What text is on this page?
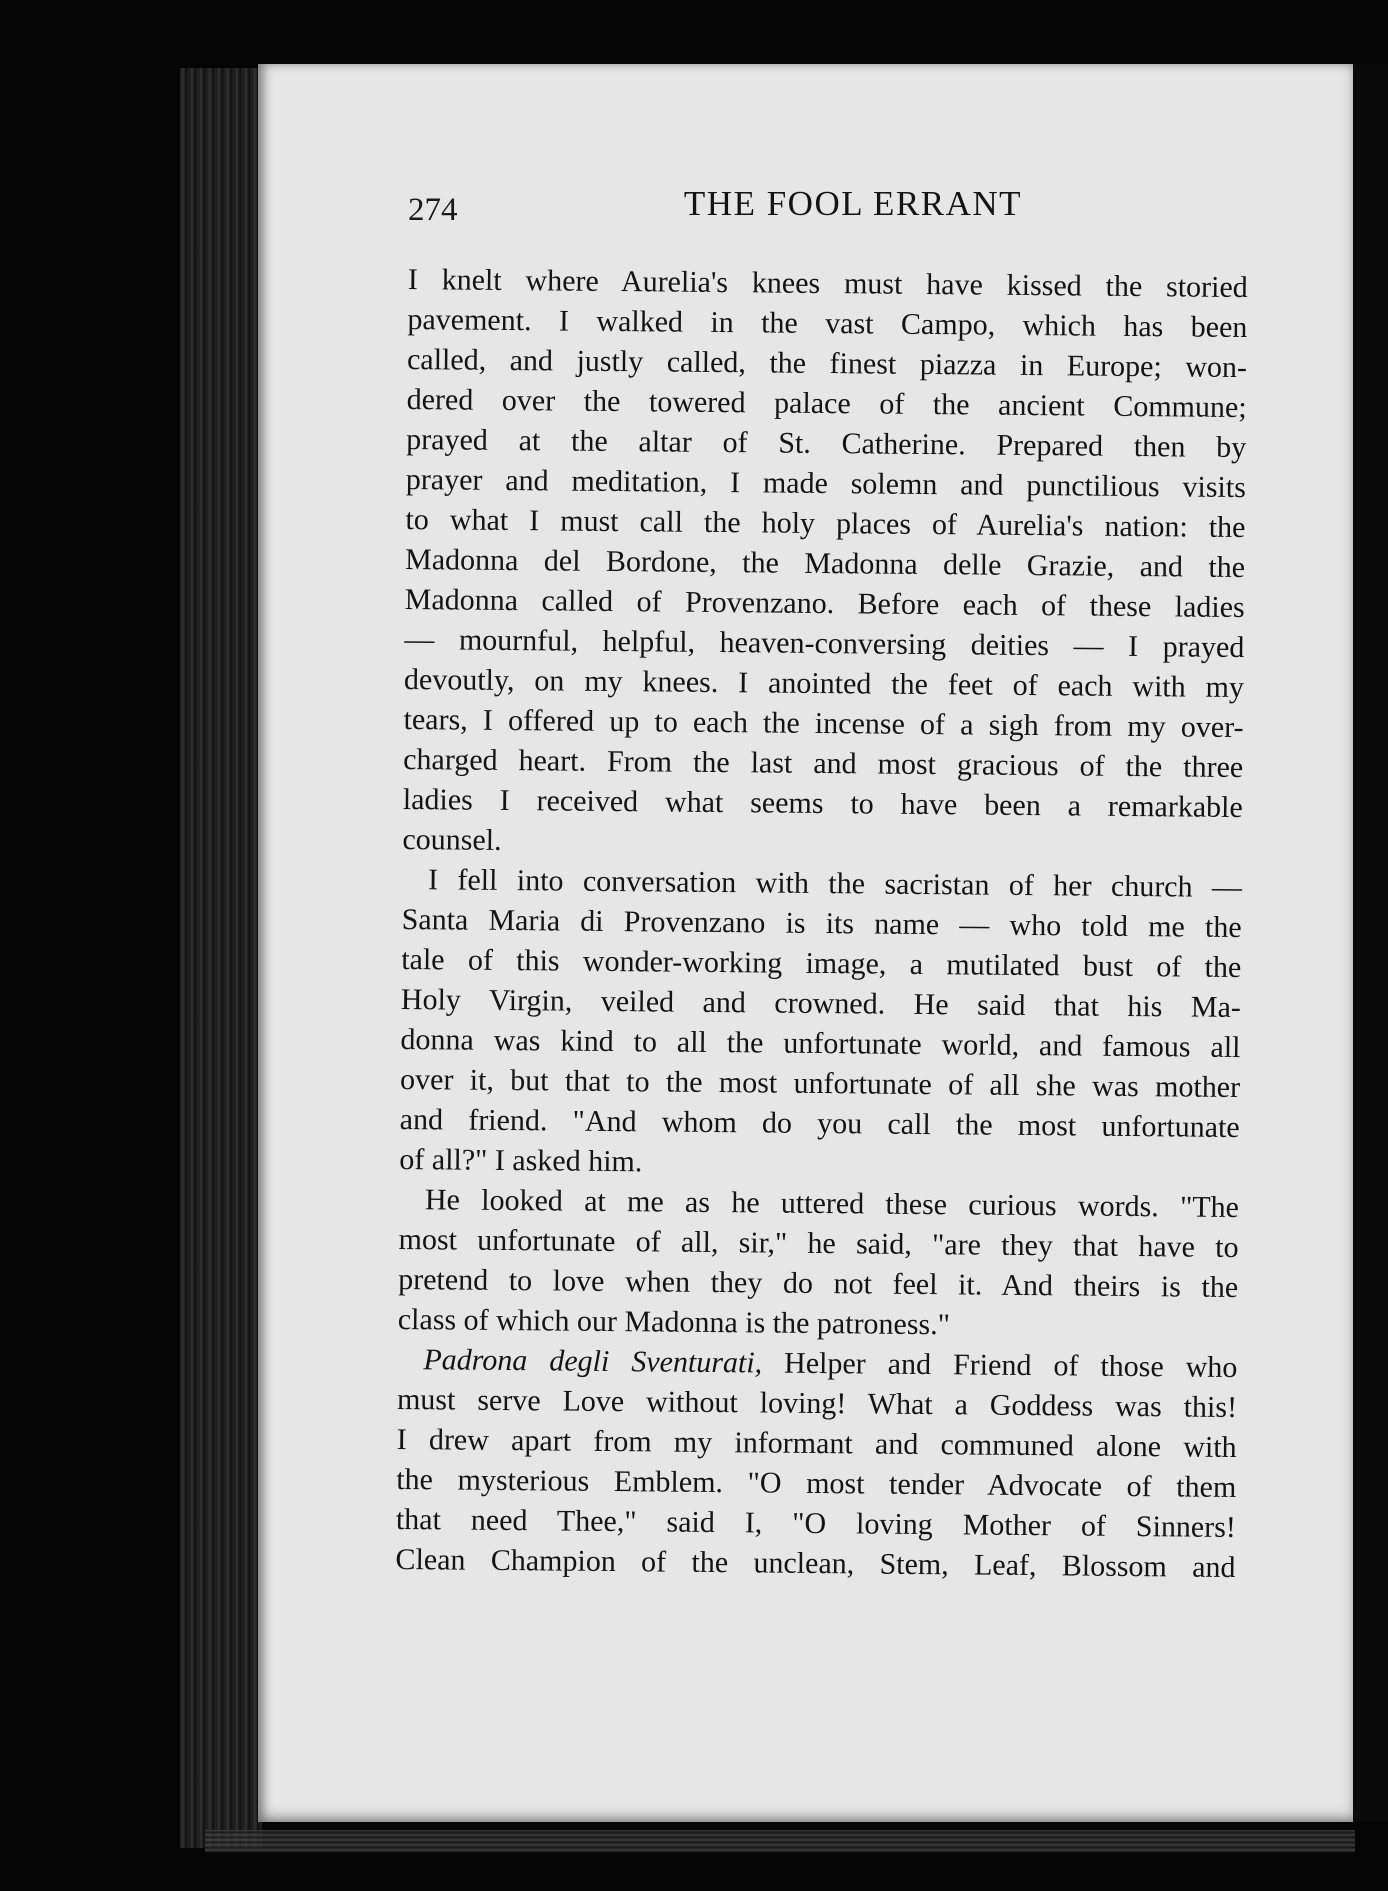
274	THE FOOL ERRANT
I knelt where Aurelia's knees must have kissed the storied
pavement. I walked in the vast Campo, which has been
called, and justly called, the finest piazza in Europe; won-
dered over the towered palace of the ancient Commune;
prayed at the altar of St. Catherine. Prepared then by
prayer and meditation, I made solemn and punctilious visits
to what I must call the holy places of Aurelia's nation: the
Madonna del Bordone, the Madonna delle Grazie, and the
Madonna called of Provenzano. Before each of these ladies
— mournful, helpful, heaven-conversing deities — I prayed
devoutly, on my knees. I anointed the feet of each with my
tears, I offered up to each the incense of a sigh from my over-
charged heart. From the last and most gracious of the three
ladies I received what seems to have been a remarkable
counsel.
I fell into conversation with the sacristan of her church —
Santa Maria di Provenzano is its name — who told me the
tale of this wonder-working image, a mutilated bust of the
Holy Virgin, veiled and crowned. He said that his Ma-
donna was kind to all the unfortunate world, and famous all
over it, but that to the most unfortunate of all she was mother
and friend. "And whom do you call the most unfortunate
of all?" I asked him.
He looked at me as he uttered these curious words. "The
most unfortunate of all, sir," he said, "are they that have to
pretend to love when they do not feel it. And theirs is the
class of which our Madonna is the patroness."
Padrona degli Sventurati, Helper and Friend of those who
must serve Love without loving! What a Goddess was this!
I drew apart from my informant and communed alone with
the mysterious Emblem. "O most tender Advocate of them
that need Thee," said I, "O loving Mother of Sinners!
Clean Champion of the unclean, Stem, Leaf, Blossom and
